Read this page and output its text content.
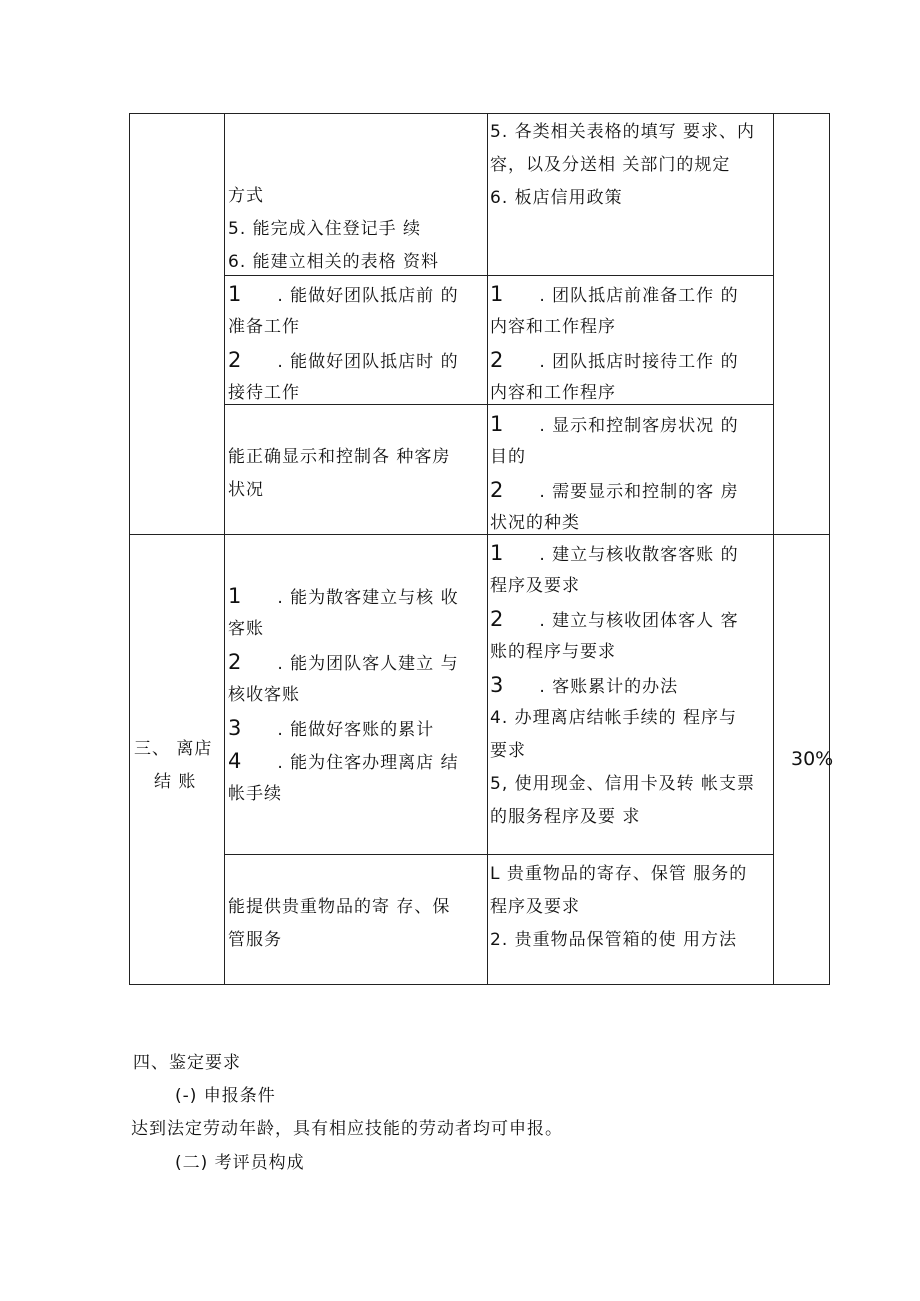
方式
5. 能完成入住登记手 续
6. 能建立相关的表格 资料
5. 各类相关表格的填写 要求、内
容，以及分送相 关部门的规定
6. 板店信用政策
1 . 能做好团队抵店前 的
准备工作
2 . 能做好团队抵店时 的
接待工作
1 . 团队抵店前准备工作 的
内容和工作程序
2 . 团队抵店时接待工作 的
内容和工作程序
能正确显示和控制各 种客房
状况
1 . 显示和控制客房状况 的
目的
2 . 需要显示和控制的客 房
状况的种类
三、 离店
结 账
30%
1 . 能为散客建立与核 收
客账
2 . 能为团队客人建立 与
核收客账
3 . 能做好客账的累计
4 . 能为住客办理离店 结
帐手续
1 . 建立与核收散客客账 的
程序及要求
2 . 建立与核收团体客人 客
账的程序与要求
3 . 客账累计的办法
4. 办理离店结帐手续的 程序与
要求
5, 使用现金、信用卡及转 帐支票
的服务程序及要 求
能提供贵重物品的寄 存、保
管服务
L 贵重物品的寄存、保管 服务的
程序及要求
2. 贵重物品保管箱的使 用方法
四、鉴定要求
(-) 申报条件
达到法定劳动年龄，具有相应技能的劳动者均可申报。
(二) 考评员构成
